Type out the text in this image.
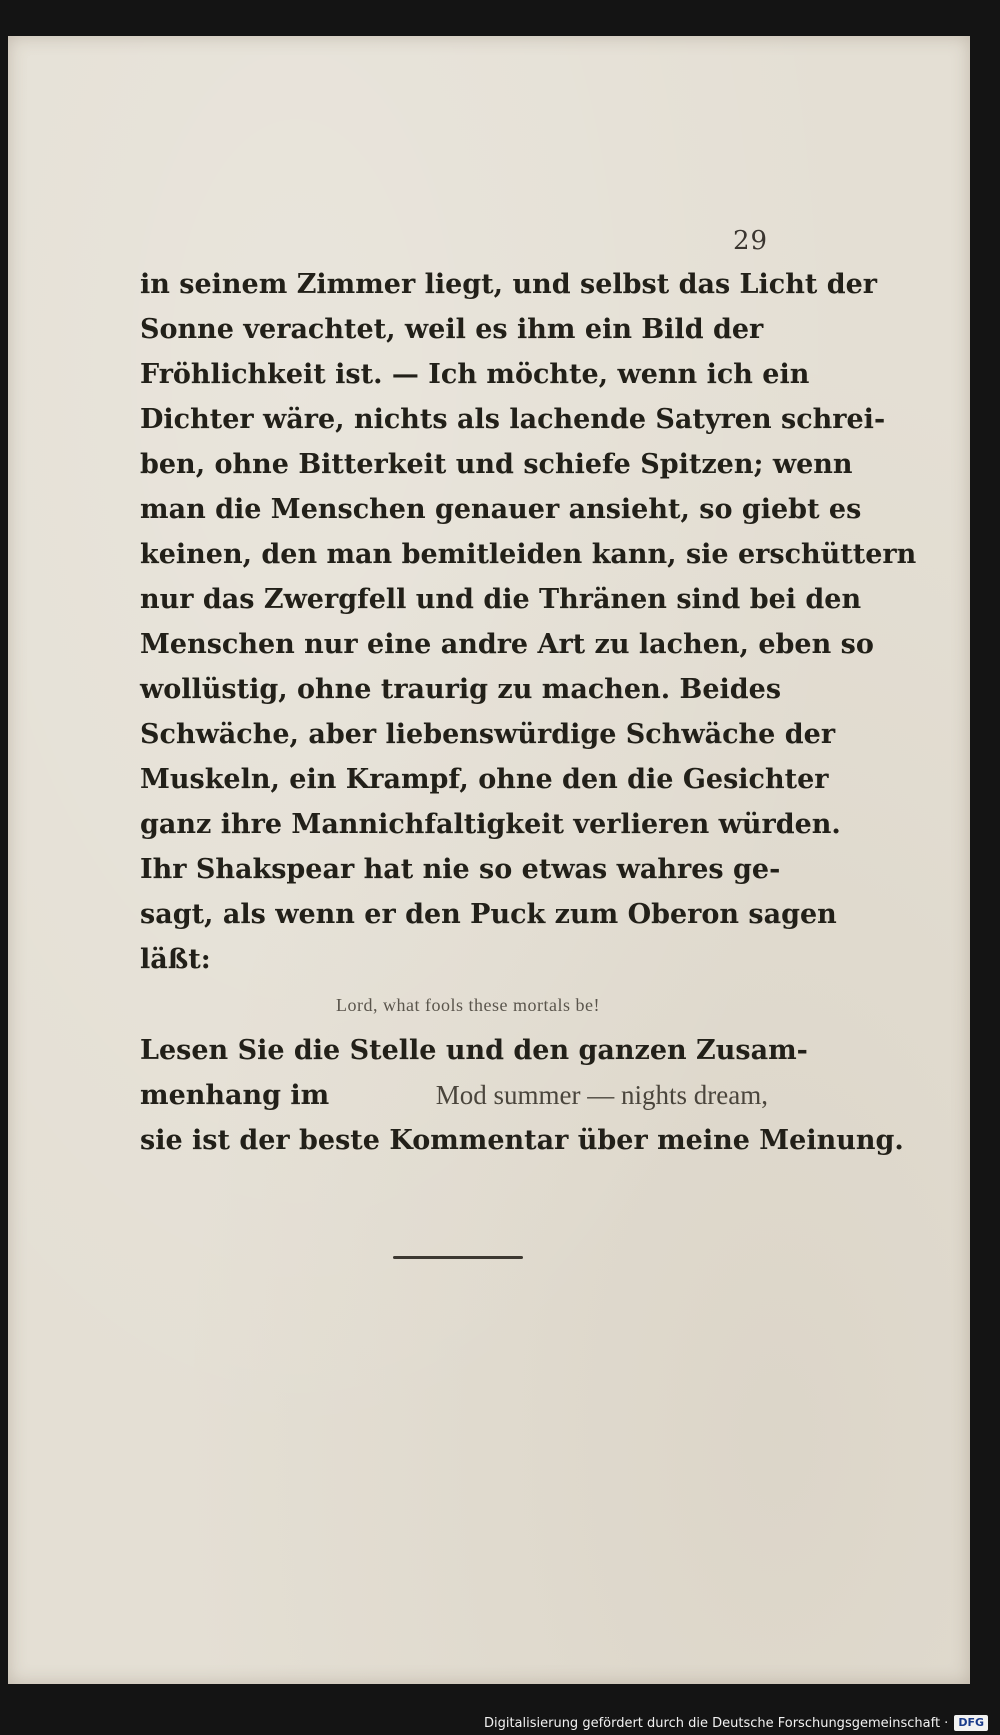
29
in seinem Zimmer liegt, und selbst das Licht der
Sonne verachtet, weil es ihm ein Bild der
Fröhlichkeit ist. — Ich möchte, wenn ich ein
Dichter wäre, nichts als lachende Satyren schrei-
ben, ohne Bitterkeit und schiefe Spitzen; wenn
man die Menschen genauer ansieht, so giebt es
keinen, den man bemitleiden kann, sie erschüttern
nur das Zwergfell und die Thränen sind bei den
Menschen nur eine andre Art zu lachen, eben so
wollüstig, ohne traurig zu machen. Beides
Schwäche, aber liebenswürdige Schwäche der
Muskeln, ein Krampf, ohne den die Gesichter
ganz ihre Mannichfaltigkeit verlieren würden.
Ihr Shakspear hat nie so etwas wahres ge-
sagt, als wenn er den Puck zum Oberon sagen
läßt:
Lord, what fools these mortals be!
Lesen Sie die Stelle und den ganzen Zusam-
menhang im	Mod summer — nights dream,
sie ist der beste Kommentar über meine Meinung.
Digitalisierung gefördert durch die Deutsche Forschungsgemeinschaft · DFG
